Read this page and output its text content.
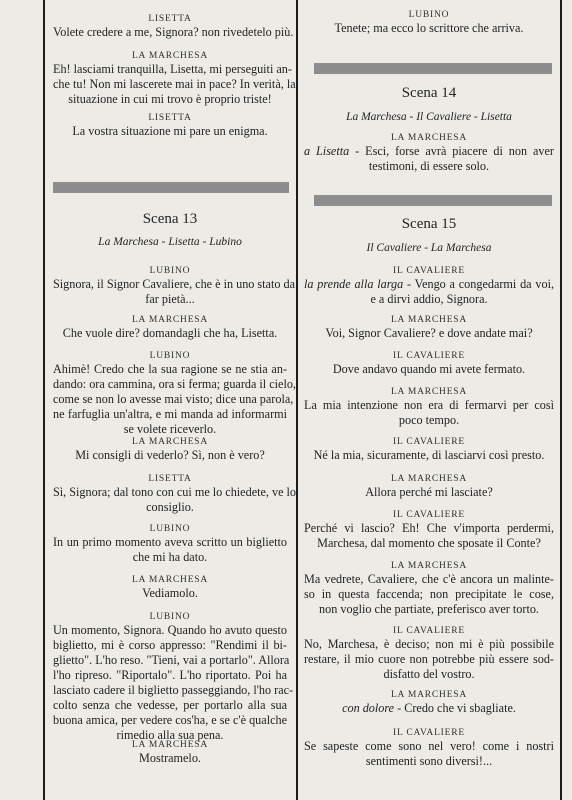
LISETTA
Volete credere a me, Signora? non rivedetelo più.
LA MARCHESA
Eh! lasciami tranquilla, Lisetta, mi perseguiti an-
che tu! Non mi lascerete mai in pace? In verità, la
situazione in cui mi trovo è proprio triste!
LISETTA
La vostra situazione mi pare un enigma.
Scena 13
La Marchesa - Lisetta - Lubino
LUBINO
Signora, il Signor Cavaliere, che è in uno stato da
far pietà...
LA MARCHESA
Che vuole dire? domandagli che ha, Lisetta.
LUBINO
Ahimè! Credo che la sua ragione se ne stia an-
dando: ora cammina, ora si ferma; guarda il cielo,
come se non lo avesse mai visto; dice una parola,
ne farfuglia un'altra, e mi manda ad informarmi
se volete riceverlo.
LA MARCHESA
Mi consigli di vederlo? Sì, non è vero?
LISETTA
Sì, Signora; dal tono con cui me lo chiedete, ve lo
consiglio.
LUBINO
In un primo momento aveva scritto un biglietto
che mi ha dato.
LA MARCHESA
Vediamolo.
LUBINO
Un momento, Signora. Quando ho avuto questo
biglietto, mi è corso appresso: "Rendimi il bi-
glietto". L'ho reso. "Tieni, vai a portarlo". Allora
l'ho ripreso. "Riportalo". L'ho riportato. Poi ha
lasciato cadere il biglietto passeggiando, l'ho rac-
colto senza che vedesse, per portarlo alla sua
buona amica, per vedere cos'ha, e se c'è qualche
rimedio alla sua pena.
LA MARCHESA
Mostramelo.
LUBINO
Tenete; ma ecco lo scrittore che arriva.
Scena 14
La Marchesa - Il Cavaliere - Lisetta
LA MARCHESA
a Lisetta - Esci, forse avrà piacere di non aver
testimoni, di essere solo.
Scena 15
Il Cavaliere - La Marchesa
IL CAVALIERE
la prende alla larga - Vengo a congedarmi da voi,
e a dirvi addio, Signora.
LA MARCHESA
Voi, Signor Cavaliere? e dove andate mai?
IL CAVALIERE
Dove andavo quando mi avete fermato.
LA MARCHESA
La mia intenzione non era di fermarvi per così
poco tempo.
IL CAVALIERE
Né la mia, sicuramente, di lasciarvi così presto.
LA MARCHESA
Allora perché mi lasciate?
IL CAVALIERE
Perché vi lascio? Eh! Che v'importa perdermi,
Marchesa, dal momento che sposate il Conte?
LA MARCHESA
Ma vedrete, Cavaliere, che c'è ancora un malinte-
so in questa faccenda; non precipitate le cose,
non voglio che partiate, preferisco aver torto.
IL CAVALIERE
No, Marchesa, è deciso; non mi è più possibile
restare, il mio cuore non potrebbe più essere sod-
disfatto del vostro.
LA MARCHESA
con dolore - Credo che vi sbagliate.
IL CAVALIERE
Se sapeste come sono nel vero! come i nostri
sentimenti sono diversi!...
